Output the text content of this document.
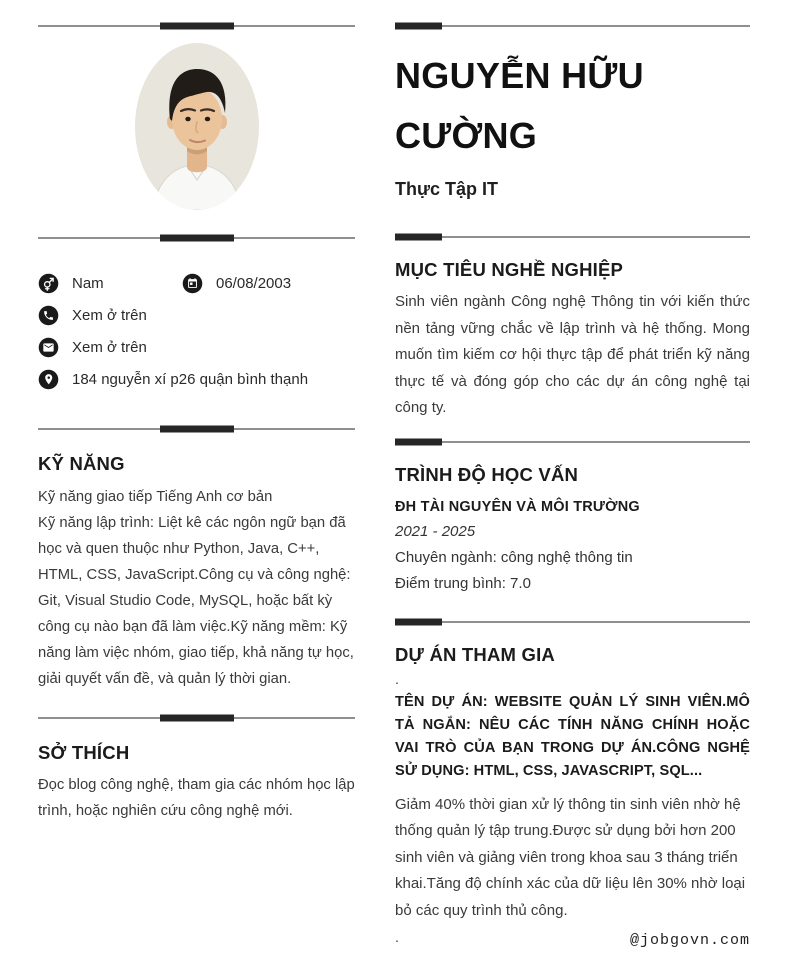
Nam	06/08/2003
Xem ở trên
Xem ở trên
184 nguyễn xí p26 quận bình thạnh
KỸ NĂNG
Kỹ năng giao tiếp Tiếng Anh cơ bản
Kỹ năng lập trình: Liệt kê các ngôn ngữ bạn đã học và quen thuộc như Python, Java, C++, HTML, CSS, JavaScript.Công cụ và công nghệ: Git, Visual Studio Code, MySQL, hoặc bất kỳ công cụ nào bạn đã làm việc.Kỹ năng mềm: Kỹ năng làm việc nhóm, giao tiếp, khả năng tự học, giải quyết vấn đề, và quản lý thời gian.
SỞ THÍCH
Đọc blog công nghệ, tham gia các nhóm học lập trình, hoặc nghiên cứu công nghệ mới.
NGUYỄN HỮU CƯỜNG
Thực Tập IT
MỤC TIÊU NGHỀ NGHIỆP
Sinh viên ngành Công nghệ Thông tin với kiến thức nền tảng vững chắc về lập trình và hệ thống. Mong muốn tìm kiếm cơ hội thực tập để phát triển kỹ năng thực tế và đóng góp cho các dự án công nghệ tại công ty.
TRÌNH ĐỘ HỌC VẤN
ĐH TÀI NGUYÊN VÀ MÔI TRƯỜNG
2021 - 2025
Chuyên ngành: công nghệ thông tin
Điểm trung bình: 7.0
DỰ ÁN THAM GIA
.
TÊN DỰ ÁN: WEBSITE QUẢN LÝ SINH VIÊN.MÔ TẢ NGẮN: NÊU CÁC TÍNH NĂNG CHÍNH HOẶC VAI TRÒ CỦA BẠN TRONG DỰ ÁN.CÔNG NGHỆ SỬ DỤNG: HTML, CSS, JAVASCRIPT, SQL...
Giảm 40% thời gian xử lý thông tin sinh viên nhờ hệ thống quản lý tập trung.Được sử dụng bởi hơn 200 sinh viên và giảng viên trong khoa sau 3 tháng triển khai.Tăng độ chính xác của dữ liệu lên 30% nhờ loại bỏ các quy trình thủ công.
.	@jobgovn.com
